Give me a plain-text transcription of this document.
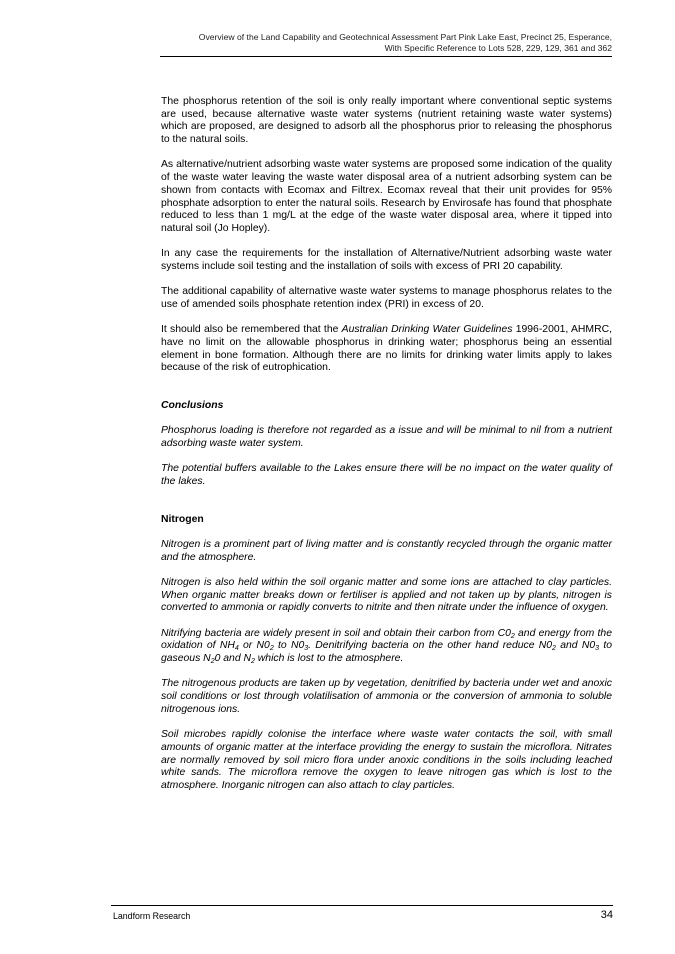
Overview of the Land Capability and Geotechnical Assessment Part Pink Lake East, Precinct 25, Esperance,
With Specific Reference to Lots 528, 229, 129, 361 and 362

The phosphorus retention of the soil is only really important where conventional septic systems are used, because alternative waste water systems (nutrient retaining waste water systems) which are proposed, are designed to adsorb all the phosphorus prior to releasing the phosphorus to the natural soils.

As alternative/nutrient adsorbing waste water systems are proposed some indication of the quality of the waste water leaving the waste water disposal area of a nutrient adsorbing system can be shown from contacts with Ecomax and Filtrex. Ecomax reveal that their unit provides for 95% phosphate adsorption to enter the natural soils. Research by Envirosafe has found that phosphate reduced to less than 1 mg/L at the edge of the waste water disposal area, where it tipped into natural soil (Jo Hopley).

In any case the requirements for the installation of Alternative/Nutrient adsorbing waste water systems include soil testing and the installation of soils with excess of PRI 20 capability.

The additional capability of alternative waste water systems to manage phosphorus relates to the use of amended soils phosphate retention index (PRI) in excess of 20.

It should also be remembered that the Australian Drinking Water Guidelines 1996-2001, AHMRC, have no limit on the allowable phosphorus in drinking water; phosphorus being an essential element in bone formation. Although there are no limits for drinking water limits apply to lakes because of the risk of eutrophication.

Conclusions

Phosphorus loading is therefore not regarded as a issue and will be minimal to nil from a nutrient adsorbing waste water system.

The potential buffers available to the Lakes ensure there will be no impact on the water quality of the lakes.

Nitrogen

Nitrogen is a prominent part of living matter and is constantly recycled through the organic matter and the atmosphere.

Nitrogen is also held within the soil organic matter and some ions are attached to clay particles. When organic matter breaks down or fertiliser is applied and not taken up by plants, nitrogen is converted to ammonia or rapidly converts to nitrite and then nitrate under the influence of oxygen.

Nitrifying bacteria are widely present in soil and obtain their carbon from $C0_2$ and energy from the oxidation of $NH_4$ or $N0_2$ to $N0_3$. Denitrifying bacteria on the other hand reduce $N0_2$ and $N0_3$ to gaseous $N_20$ and $N_2$ which is lost to the atmosphere.

The nitrogenous products are taken up by vegetation, denitrified by bacteria under wet and anoxic soil conditions or lost through volatilisation of ammonia or the conversion of ammonia to soluble nitrogenous ions.

Soil microbes rapidly colonise the interface where waste water contacts the soil, with small amounts of organic matter at the interface providing the energy to sustain the microflora. Nitrates are normally removed by soil micro flora under anoxic conditions in the soils including leached white sands. The microflora remove the oxygen to leave nitrogen gas which is lost to the atmosphere. Inorganic nitrogen can also attach to clay particles.

Landform Research	34
